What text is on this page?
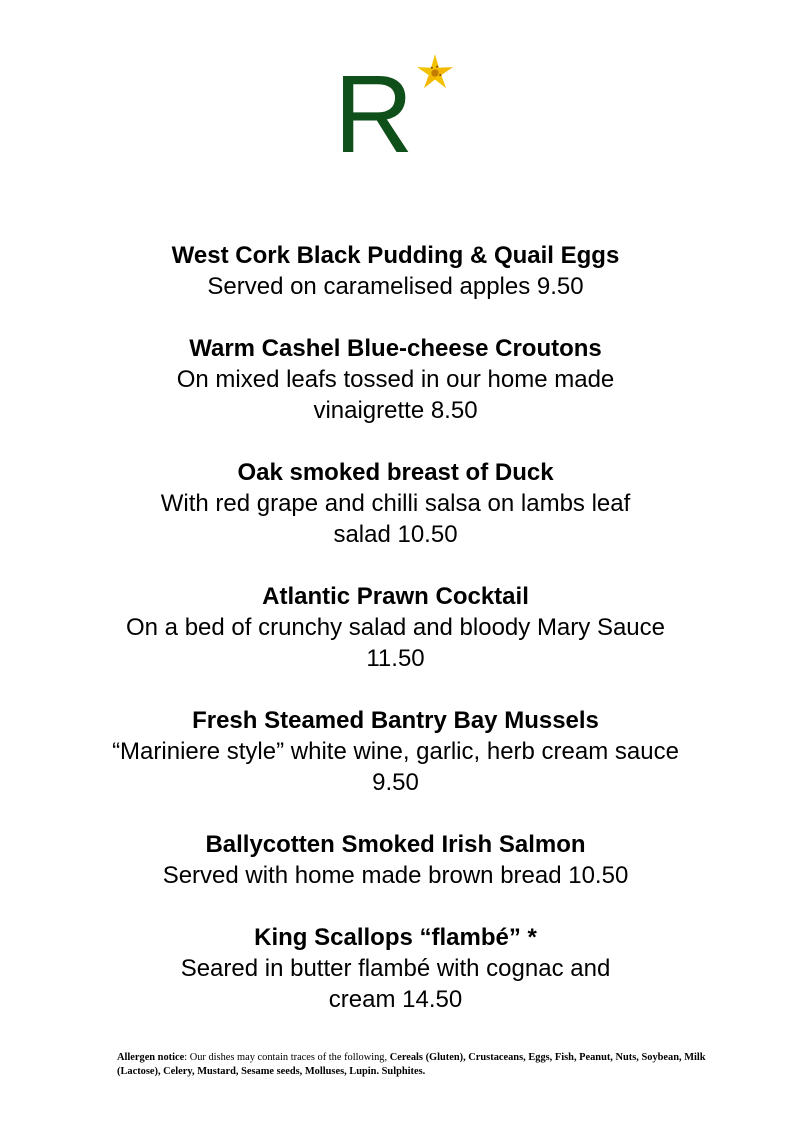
R
West Cork Black Pudding & Quail Eggs
Served on caramelised apples 9.50
Warm Cashel Blue-cheese Croutons
On mixed leafs tossed in our home made
vinaigrette 8.50
Oak smoked breast of Duck
With red grape and chilli salsa on lambs leaf
salad 10.50
Atlantic Prawn Cocktail
On a bed of crunchy salad and bloody Mary Sauce
11.50
Fresh Steamed Bantry Bay Mussels
“Mariniere style” white wine, garlic, herb cream sauce
9.50
Ballycotten Smoked Irish Salmon
Served with home made brown bread 10.50
King Scallops “flambé” *
Seared in butter flambé with cognac and
cream 14.50
Allergen notice: Our dishes may contain traces of the following, Cereals (Gluten), Crustaceans, Eggs, Fish, Peanut, Nuts, Soybean, Milk (Lactose), Celery, Mustard, Sesame seeds, Molluses, Lupin. Sulphites.
